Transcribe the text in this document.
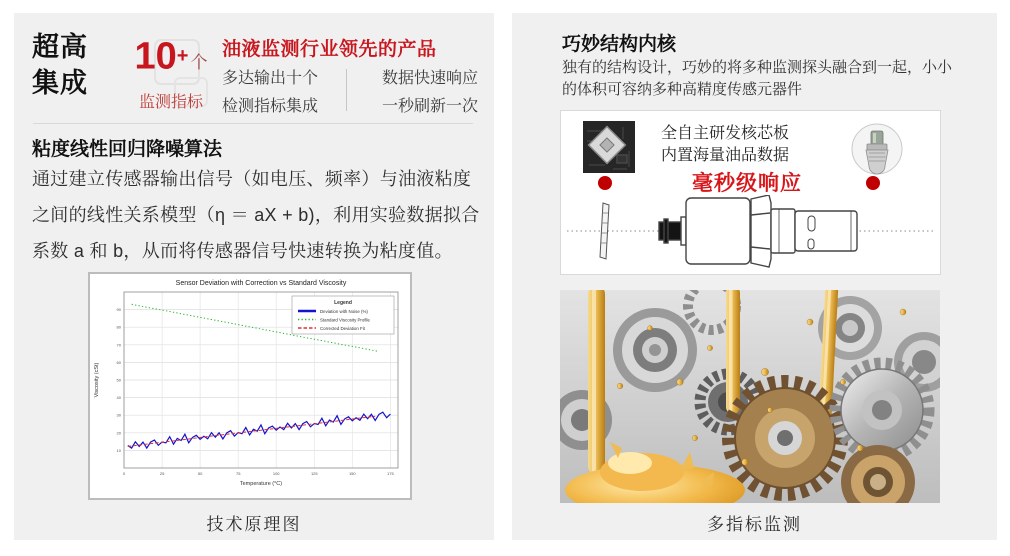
超高
集成
10+ 个
监测指标
油液监测行业领先的产品
多达输出十个
检测指标集成
数据快速响应
一秒刷新一次
粘度线性回归降噪算法
通过建立传感器输出信号（如电压、频率）与油液粘度之间的线性关系模型（η ＝ aX + b)，利用实验数据拟合系数 a 和 b，从而将传感器信号快速转换为粘度值。
10
20
30
40
50
60
70
80
90
0	25	50	75	100	125	150	175
Sensor Deviation with Correction vs Standard Viscosity
Temperature (°C)
Viscosity (cSt)
Legend
Deviation with Noise (%)
Standard Viscosity Profile
Corrected Deviation Fit
技术原理图
巧妙结构内核
独有的结构设计，巧妙的将多种监测探头融合到一起，小小的体积可容纳多种高精度传感元器件
全自主研发核芯板
内置海量油品数据
毫秒级响应
多指标监测
